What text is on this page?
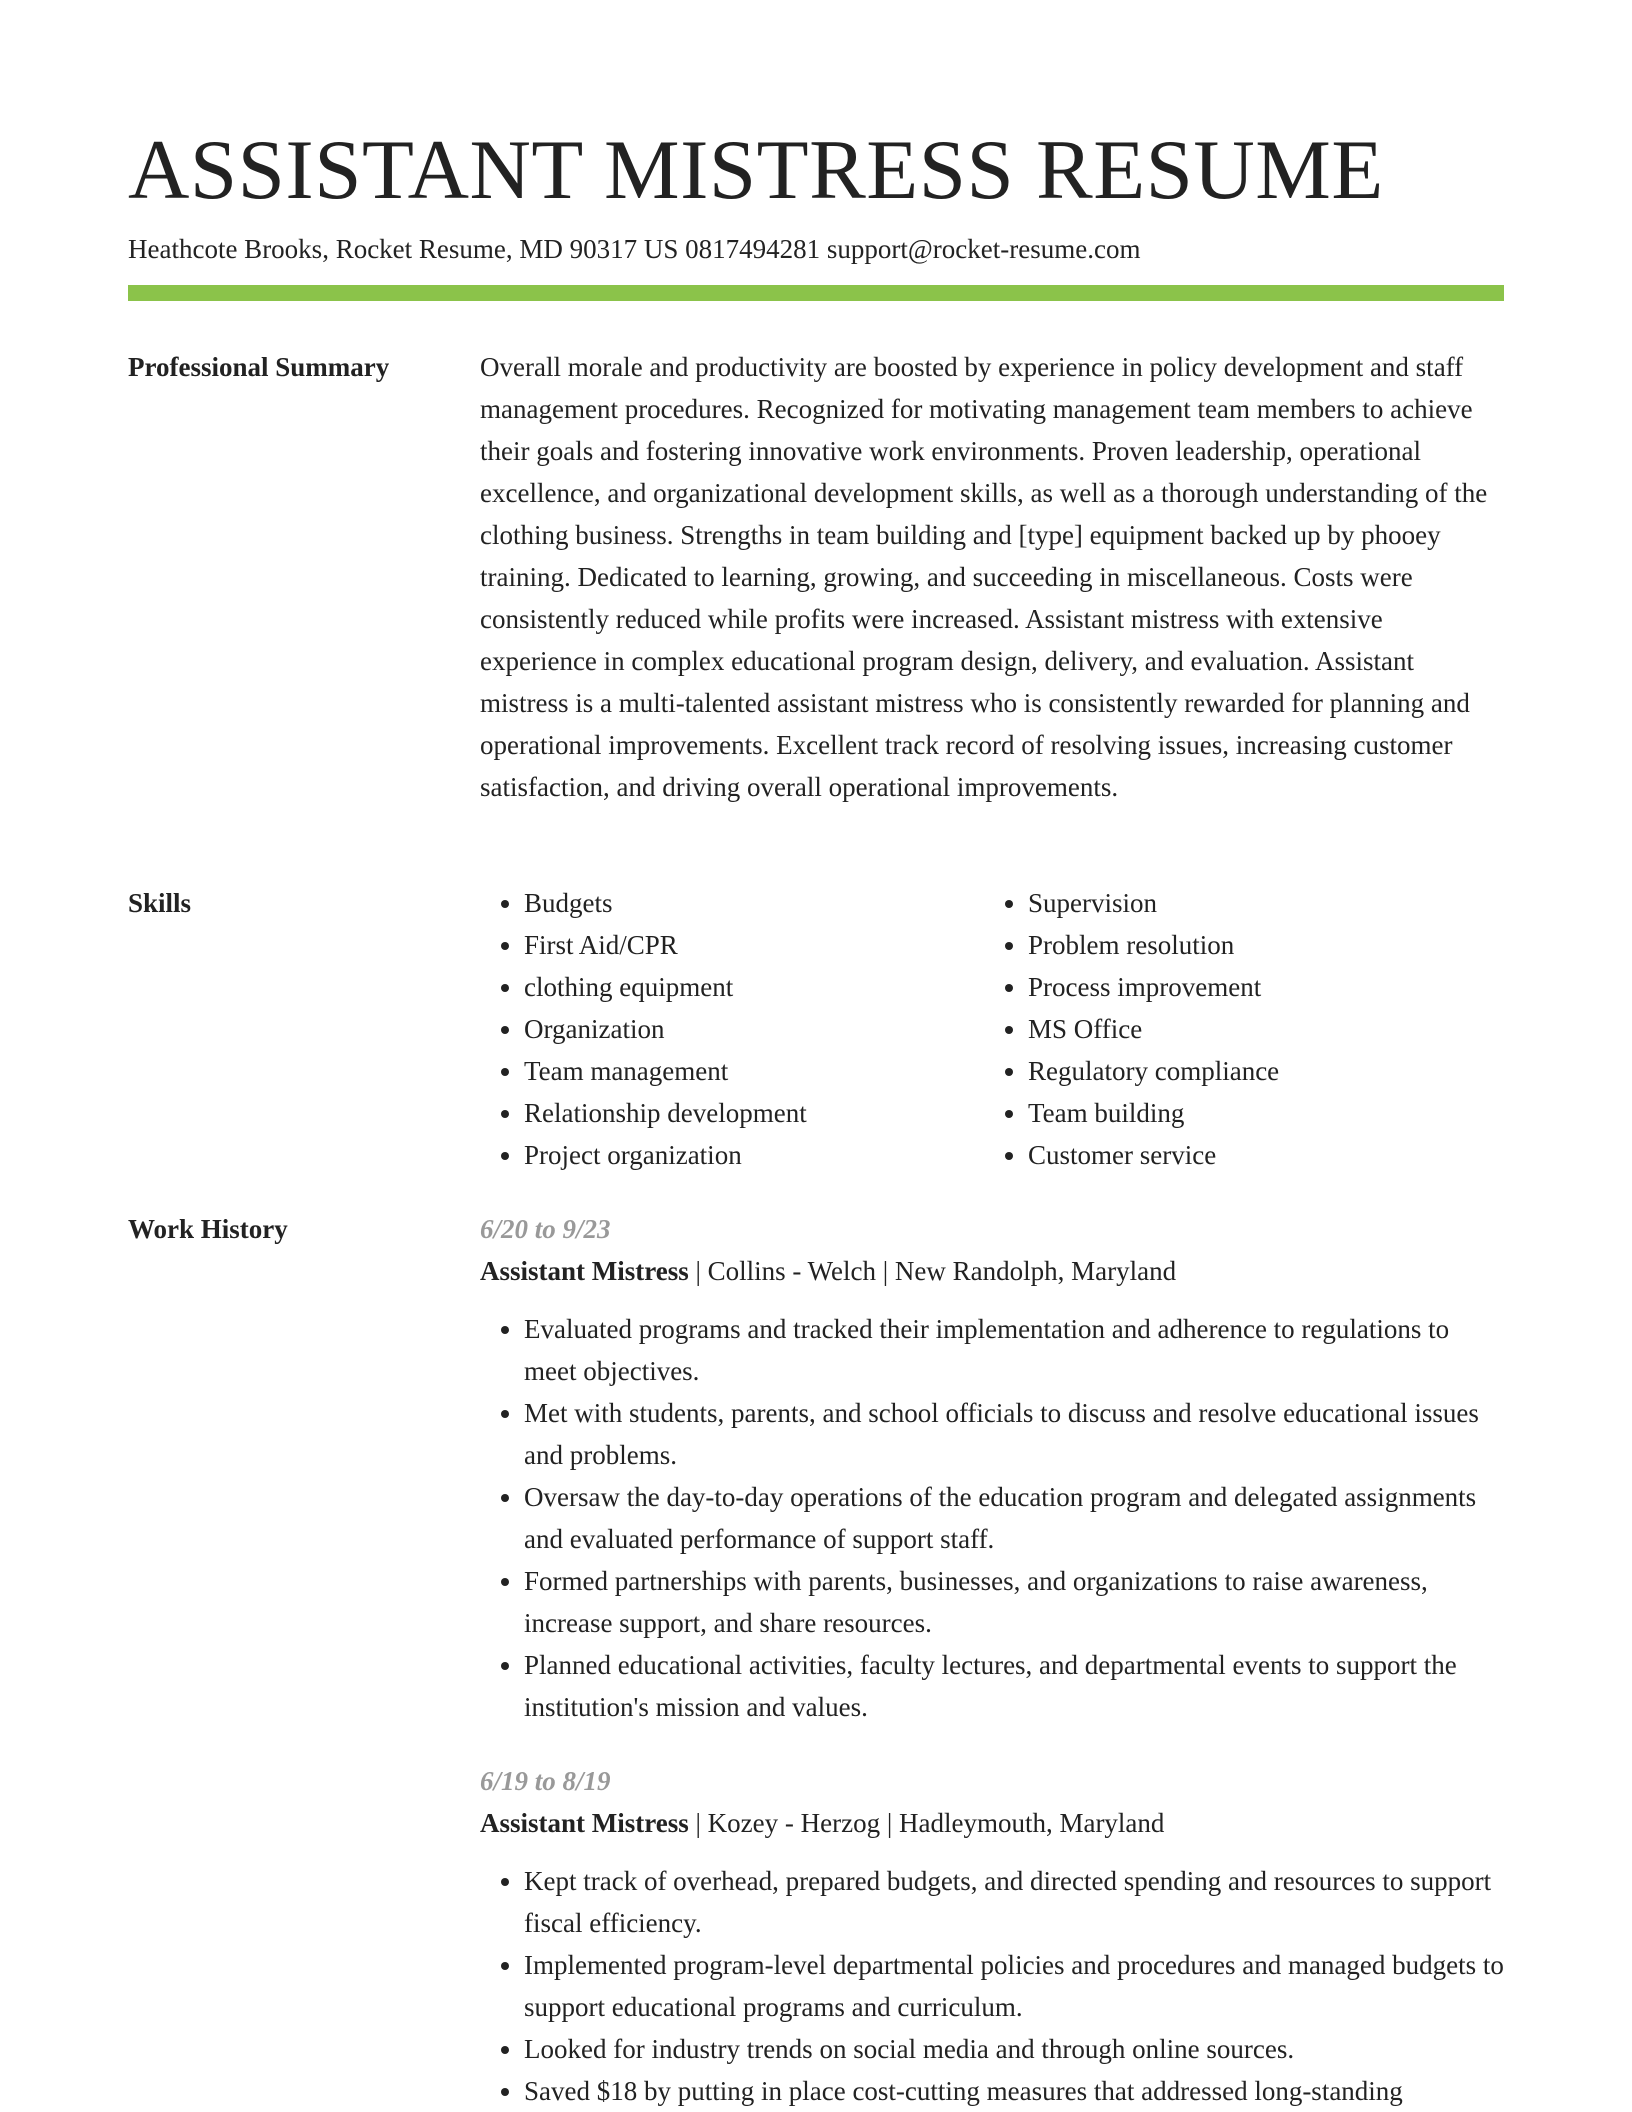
ASSISTANT MISTRESS RESUME
Heathcote Brooks, Rocket Resume, MD 90317 US 0817494281 support@rocket-resume.com
Professional Summary	Overall morale and productivity are boosted by experience in policy development and staff management procedures. Recognized for motivating management team members to achieve their goals and fostering innovative work environments. Proven leadership, operational excellence, and organizational development skills, as well as a thorough understanding of the clothing business. Strengths in team building and [type] equipment backed up by phooey training. Dedicated to learning, growing, and succeeding in miscellaneous. Costs were consistently reduced while profits were increased. Assistant mistress with extensive experience in complex educational program design, delivery, and evaluation. Assistant mistress is a multi-talented assistant mistress who is consistently rewarded for planning and operational improvements. Excellent track record of resolving issues, increasing customer satisfaction, and driving overall operational improvements.

Skills
•	Budgets
• First Aid/CPR
• clothing equipment
• Organization
• Team management
• Relationship development
• Project organization
• Supervision
• Problem resolution
• Process improvement
• MS Office
• Regulatory compliance
• Team building
• Customer service
Work History	6/20 to 9/23
Assistant Mistress | Collins - Welch | New Randolph, Maryland
• Evaluated programs and tracked their implementation and adherence to regulations to meet objectives.
• Met with students, parents, and school officials to discuss and resolve educational issues and problems.
• Oversaw the day-to-day operations of the education program and delegated assignments and evaluated performance of support staff.
• Formed partnerships with parents, businesses, and organizations to raise awareness, increase support, and share resources.
• Planned educational activities, faculty lectures, and departmental events to support the institution's mission and values.
6/19 to 8/19
Assistant Mistress | Kozey - Herzog | Hadleymouth, Maryland
• Kept track of overhead, prepared budgets, and directed spending and resources to support fiscal efficiency.
• Implemented program-level departmental policies and procedures and managed budgets to support educational programs and curriculum.
• Looked for industry trends on social media and through online sources.
• Saved $18 by putting in place cost-cutting measures that addressed long-standing
